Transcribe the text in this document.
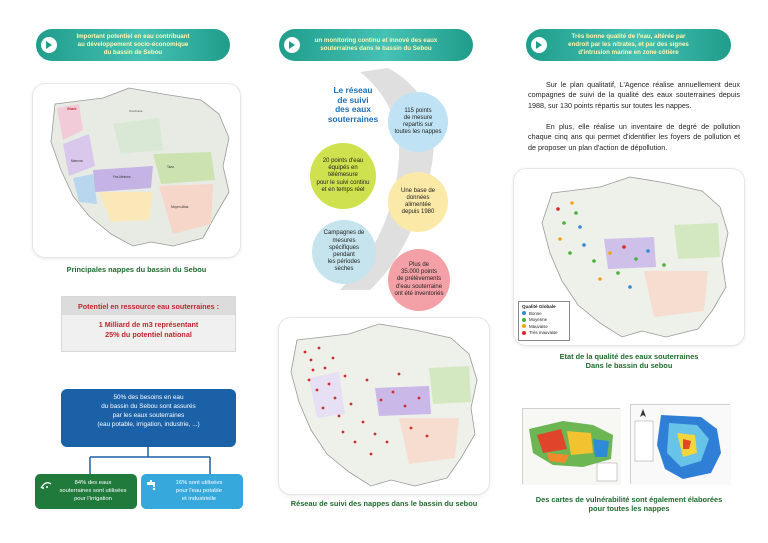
Important potentiel en eau contribuant
au développement socio-économique
du bassin de Sebou
Gharb
Mamora
Fès-Meknès
Taza
Moyen Atlas
Ouazzane
Principales nappes du bassin du Sebou
Potentiel en ressource eau souterraines :
1 Milliard de m3 représentant
25% du potentiel national
50% des besoins en eau
du bassin du Sebou sont assurés
par les eaux souterraines
(eau potable, irrigation, industrie, ...)
84% des eaux
souterraines sont utilisées
pour l'irrigation
16% sont utilisées
pour l'eau potable
et industrielle
un monitoring continu et innové des eaux
souterraines dans le bassin du Sebou
Le réseau
de suivi
des eaux
souterraines
115 points
de mesure
repartis sur
toutes les nappes
20 points d'eau
équipés en
télémesure
pour le suivi continu
et en temps réel	Une base de
données
alimentée
depuis 1980
Campagnes de
mesures spécifiques
pendant
les périodes sèches
Plus de
35.000 points
de prélèvements
d'eau souterraine
ont été inventoriés
Réseau de suivi des nappes dans le bassin du sebou
Très bonne qualité de l'eau, altérée par
endroit par les nitrates, et par des signes
d'intrusion marine en zone côtière
Sur le plan qualitatif, L'Agence réalise annuellement deux compagnes de suivi de la qualité des eaux souterraines depuis 1988, sur 130 points répartis sur toutes les nappes.
En plus, elle réalise un inventaire de degré de pollution chaque cinq ans qui permet d'identifier les foyers de pollution et de proposer un plan d'action de dépollution.
Qualité Globale
Bonne
Moyenne
Mauvaise
Très mauvaise
Etat de la qualité des eaux souterraines
Dans le bassin du sebou
Des cartes de vulnérabilité sont également élaborées
pour toutes les nappes
